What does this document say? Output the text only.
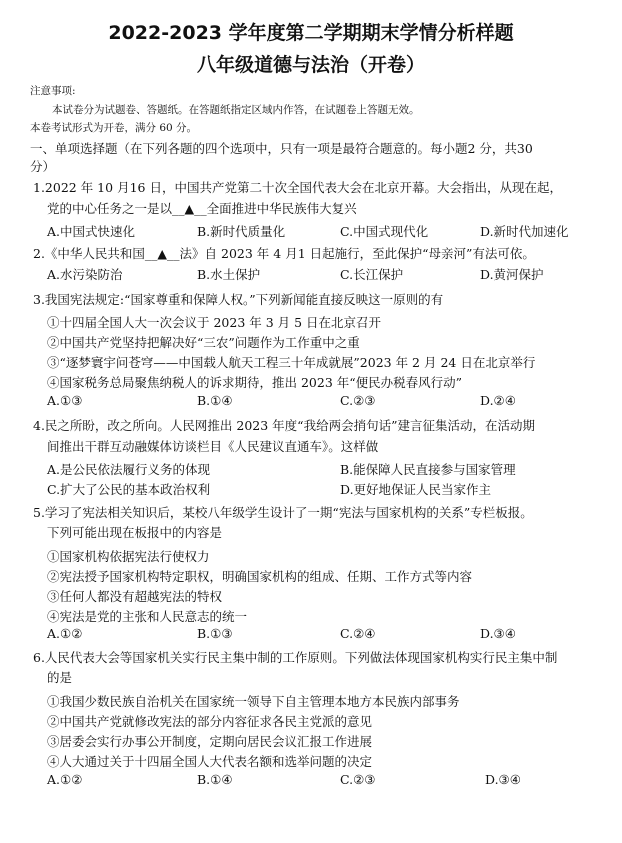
2022-2023 学年度第二学期期末学情分析样题
八年级道德与法治（开卷）
注意事项:
本试卷分为试题卷、答题纸。在答题纸指定区域内作答，在试题卷上答题无效。
本卷考试形式为开卷，满分 60 分。
一、单项选择题（在下列各题的四个选项中，只有一项是最符合题意的。每小题2 分，共30
分）
1.2022 年 10 月16 日，中国共产党第二十次全国代表大会在北京开幕。大会指出，从现在起，
党的中心任务之一是以__▲__全面推进中华民族伟大复兴
A.中国式快速化	B.新时代质量化	C.中国式现代化	D.新时代加速化
2.《中华人民共和国__▲__法》自 2023 年 4 月1 日起施行，至此保护“母亲河”有法可依。
A.水污染防治	B.水土保护	C.长江保护	D.黄河保护
3.我国宪法规定:“国家尊重和保障人权。”下列新闻能直接反映这一原则的有
①十四届全国人大一次会议于 2023 年 3 月 5 日在北京召开
②中国共产党坚持把解决好“三农”问题作为工作重中之重
③“逐梦寰宇问苍穹——中国载人航天工程三十年成就展”2023 年 2 月 24 日在北京举行
④国家税务总局聚焦纳税人的诉求期待，推出 2023 年“便民办税春风行动”
A.①③	B.①④	C.②③	D.②④
4.民之所盼，改之所向。人民网推出 2023 年度“我给两会捎句话”建言征集活动，在活动期
间推出干群互动融媒体访谈栏目《人民建议直通车》。这样做
A.是公民依法履行义务的体现	B.能保障人民直接参与国家管理
C.扩大了公民的基本政治权利	D.更好地保证人民当家作主
5.学习了宪法相关知识后，某校八年级学生设计了一期“宪法与国家机构的关系”专栏板报。
下列可能出现在板报中的内容是
①国家机构依据宪法行使权力
②宪法授予国家机构特定职权，明确国家机构的组成、任期、工作方式等内容
③任何人都没有超越宪法的特权
④宪法是党的主张和人民意志的统一
A.①②	B.①③	C.②④	D.③④
6.人民代表大会等国家机关实行民主集中制的工作原则。下列做法体现国家机构实行民主集中制
的是
①我国少数民族自治机关在国家统一领导下自主管理本地方本民族内部事务
②中国共产党就修改宪法的部分内容征求各民主党派的意见
③居委会实行办事公开制度，定期向居民会议汇报工作进展
④人大通过关于十四届全国人大代表名额和选举问题的决定
A.①②	B.①④	C.②③	D.③④
